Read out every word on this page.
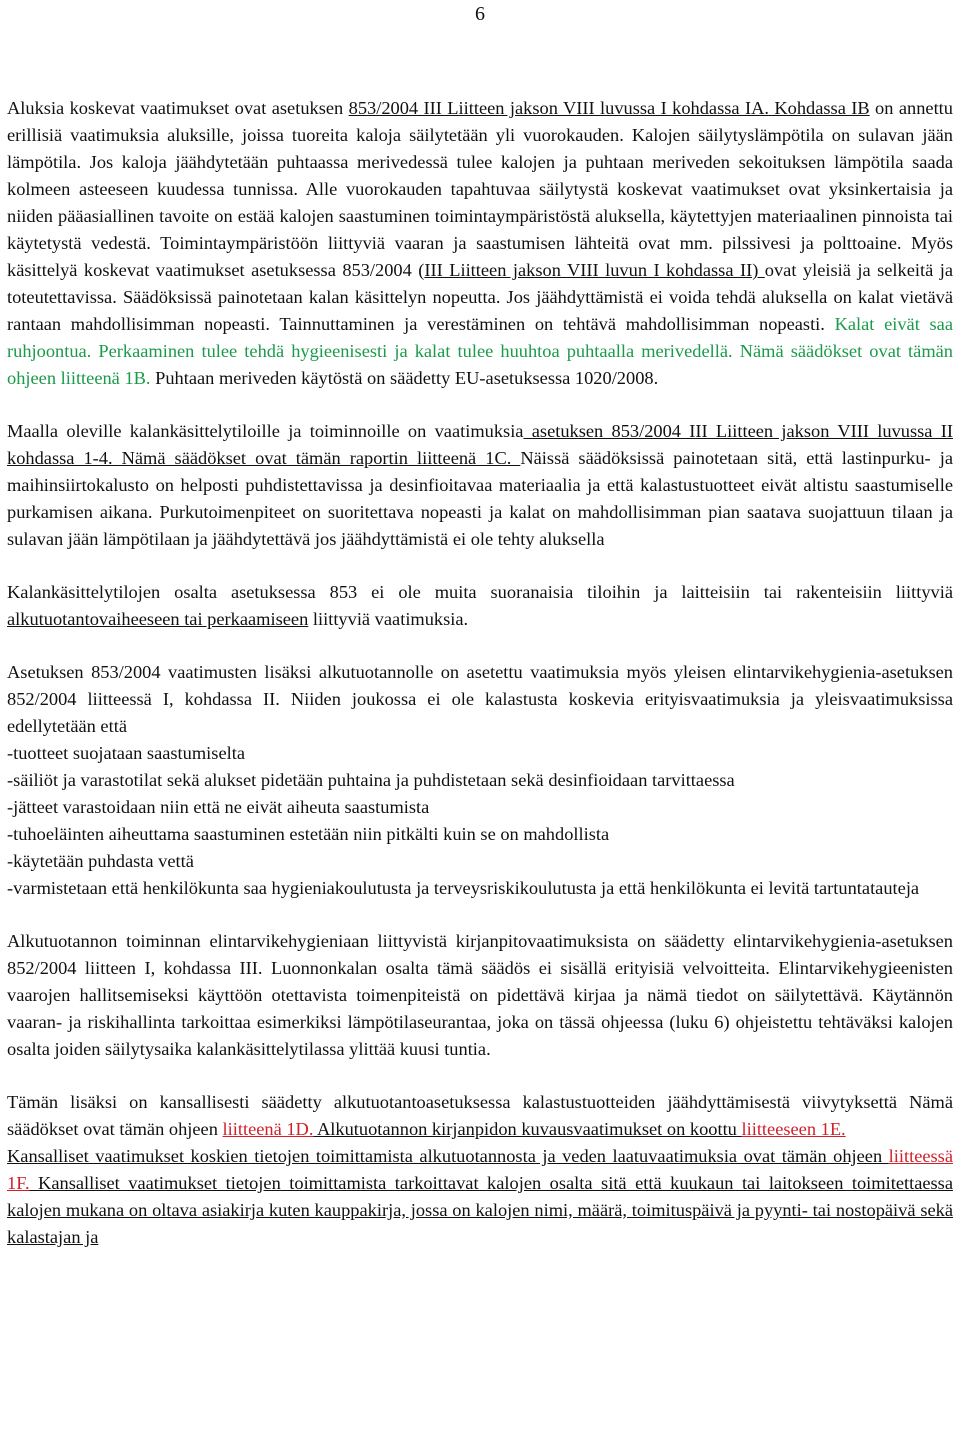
6

Aluksia koskevat vaatimukset ovat asetuksen 853/2004 III Liitteen jakson VIII luvussa I kohdassa IA. Kohdassa IB on annettu erillisiä vaatimuksia aluksille, joissa tuoreita kaloja säilytetään yli vuorokauden. Kalojen säilytyslämpötila on sulavan jään lämpötila. Jos kaloja jäähdytetään puhtaassa merivedessä tulee kalojen ja puhtaan meriveden sekoituksen lämpötila saada kolmeen asteeseen kuudessa tunnissa. Alle vuorokauden tapahtuvaa säilytystä koskevat vaatimukset ovat yksinkertaisia ja niiden pääasiallinen tavoite on estää kalojen saastuminen toimintaympäristöstä aluksella, käytettyjen materiaalinen pinnoista tai käytetystä vedestä. Toimintaympäristöön liittyviä vaaran ja saastumisen lähteitä ovat mm. pilssivesi ja polttoaine. Myös käsittelyä koskevat vaatimukset asetuksessa 853/2004 (III Liitteen jakson VIII luvun I kohdassa II) ovat yleisiä ja selkeitä ja toteutettavissa. Säädöksissä painotetaan kalan käsittelyn nopeutta. Jos jäähdyttämistä ei voida tehdä aluksella on kalat vietävä rantaan mahdollisimman nopeasti. Tainnuttaminen ja verestäminen on tehtävä mahdollisimman nopeasti. Kalat eivät saa ruhjoontua. Perkaaminen tulee tehdä hygieenisesti ja kalat tulee huuhtoa puhtaalla merivedellä. Nämä säädökset ovat tämän ohjeen liitteenä 1B. Puhtaan meriveden käytöstä on säädetty EU-asetuksessa 1020/2008.

Maalla oleville kalankäsittelytiloille ja toiminnoille on vaatimuksia asetuksen 853/2004 III Liitteen jakson VIII luvussa II kohdassa 1-4. Nämä säädökset ovat tämän raportin liitteenä 1C. Näissä säädöksissä painotetaan sitä, että lastinpurku- ja maihinsiirtokalusto on helposti puhdistettavissa ja desinfioitavaa materiaalia ja että kalastustuotteet eivät altistu saastumiselle purkamisen aikana. Purkutoimenpiteet on suoritettava nopeasti ja kalat on mahdollisimman pian saatava suojattuun tilaan ja sulavan jään lämpötilaan ja jäähdytettävä jos jäähdyttämistä ei ole tehty aluksella

Kalankäsittelytilojen osalta asetuksessa 853 ei ole muita suoranaisia tiloihin ja laitteisiin tai rakenteisiin liittyviä alkutuotantovaiheeseen tai perkaamiseen liittyviä vaatimuksia.

Asetuksen 853/2004 vaatimusten lisäksi alkutuotannolle on asetettu vaatimuksia myös yleisen elintarvikehygienia-asetuksen 852/2004 liitteessä I, kohdassa II. Niiden joukossa ei ole kalastusta koskevia erityisvaatimuksia ja yleisvaatimuksissa edellytetään että
-tuotteet suojataan saastumiselta
-säiliöt ja varastotilat sekä alukset pidetään puhtaina ja puhdistetaan sekä desinfioidaan tarvittaessa
-jätteet varastoidaan niin että ne eivät aiheuta saastumista
-tuhoeläinten aiheuttama saastuminen estetään niin pitkälti kuin se on mahdollista
-käytetään puhdasta vettä
-varmistetaan että henkilökunta saa hygieniakoulutusta ja terveysriskikoulutusta ja että henkilökunta ei levitä tartuntatauteja

Alkutuotannon toiminnan elintarvikehygieniaan liittyvistä kirjanpitovaatimuksista on säädetty elintarvikehygienia-asetuksen 852/2004 liitteen I, kohdassa III. Luonnonkalan osalta tämä säädös ei sisällä erityisiä velvoitteita. Elintarvikehygieenisten vaarojen hallitsemiseksi käyttöön otettavista toimenpiteistä on pidettävä kirjaa ja nämä tiedot on säilytettävä. Käytännön vaaran- ja riskihallinta tarkoittaa esimerkiksi lämpötilaseurantaa, joka on tässä ohjeessa (luku 6) ohjeistettu tehtäväksi kalojen osalta joiden säilytysaika kalankäsittelytilassa ylittää kuusi tuntia.

Tämän lisäksi on kansallisesti säädetty alkutuotantoasetuksessa kalastustuotteiden jäähdyttämisestä viivytyksettä Nämä säädökset ovat tämän ohjeen liitteenä 1D. Alkutuotannon kirjanpidon kuvausvaatimukset on koottu liitteeseen 1E.
Kansalliset vaatimukset koskien tietojen toimittamista alkutuotannosta ja veden laatuvaatimuksia ovat tämän ohjeen liitteessä 1F. Kansalliset vaatimukset tietojen toimittamista tarkoittavat kalojen osalta sitä että kuukaun tai laitokseen toimitettaessa kalojen mukana on oltava asiakirja kuten kauppakirja, jossa on kalojen nimi, määrä, toimituspäivä ja pyynti- tai nostopäivä sekä kalastajan ja
